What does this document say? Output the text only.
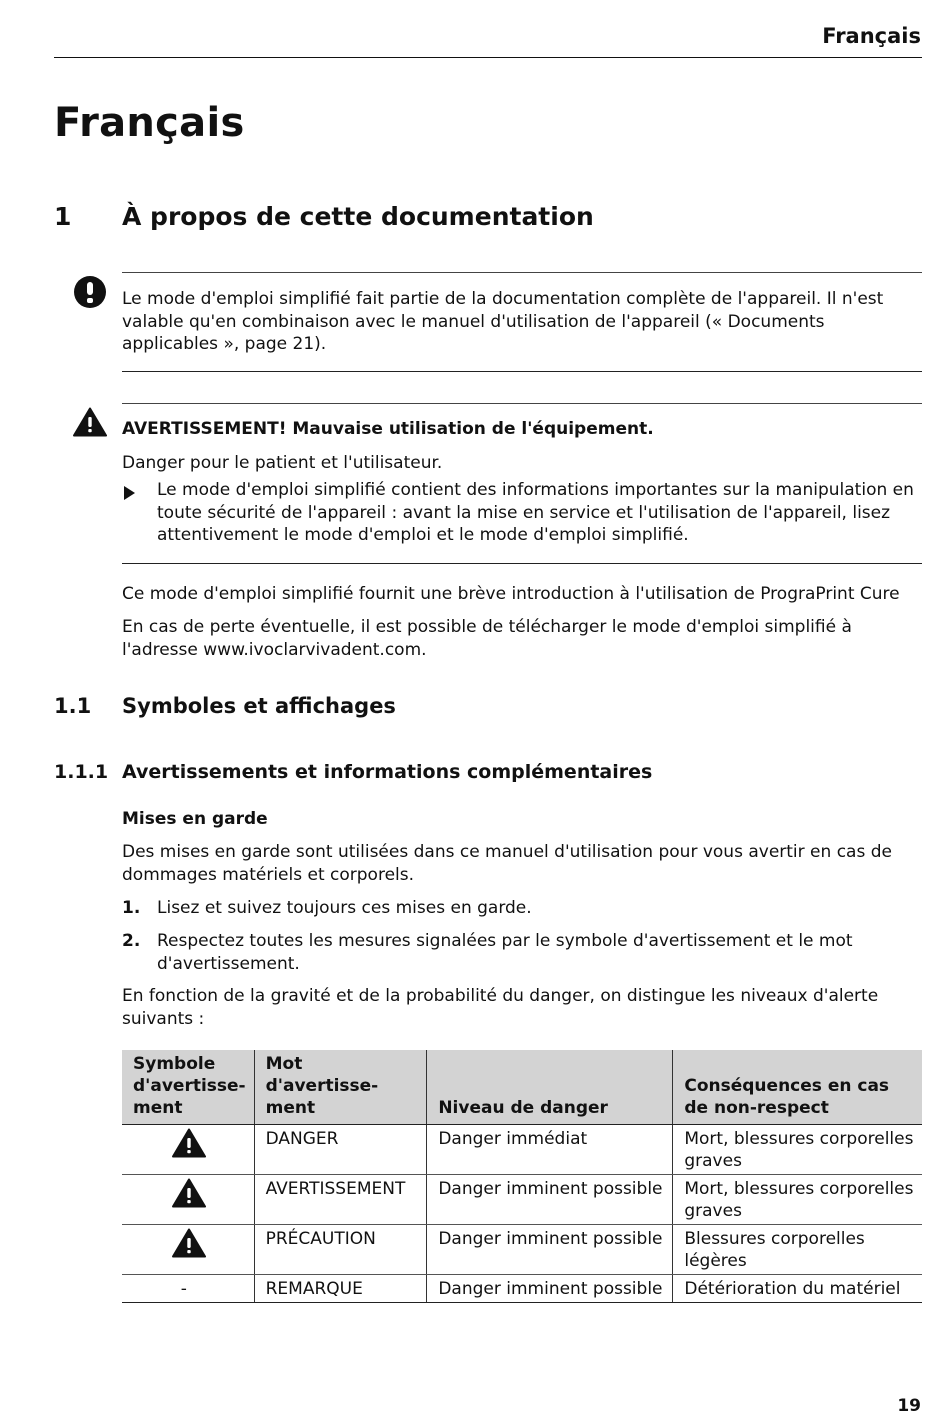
Français
Français
1 À propos de cette documentation
Le mode d'emploi simplifié fait partie de la documentation complète de l'appareil. Il n'est valable qu'en combinaison avec le manuel d'utilisation de l'appareil (« Documents applicables », page 21).
AVERTISSEMENT! Mauvaise utilisation de l'équipement.
Danger pour le patient et l'utilisateur.
Le mode d'emploi simplifié contient des informations importantes sur la manipulation en toute sécurité de l'appareil : avant la mise en service et l'utilisation de l'appareil, lisez attentivement le mode d'emploi et le mode d'emploi simplifié.
Ce mode d'emploi simplifié fournit une brève introduction à l'utilisation de PrograPrint Cure
En cas de perte éventuelle, il est possible de télécharger le mode d'emploi simplifié à l'adresse www.ivoclarvivadent.com.
1.1 Symboles et affichages
1.1.1 Avertissements et informations complémentaires
Mises en garde
Des mises en garde sont utilisées dans ce manuel d'utilisation pour vous avertir en cas de dommages matériels et corporels.
1. Lisez et suivez toujours ces mises en garde.
2. Respectez toutes les mesures signalées par le symbole d'avertissement et le mot d'avertissement.
En fonction de la gravité et de la probabilité du danger, on distingue les niveaux d'alerte suivants :
Symbole d'avertisse-ment	Mot d'avertisse-ment	Niveau de danger	Conséquences en cas de non-respect
	DANGER	Danger immédiat	Mort, blessures corporelles graves
	AVERTISSEMENT	Danger imminent possible	Mort, blessures corporelles graves
	PRÉCAUTION	Danger imminent possible	Blessures corporelles légères
-	REMARQUE	Danger imminent possible	Détérioration du matériel
19
